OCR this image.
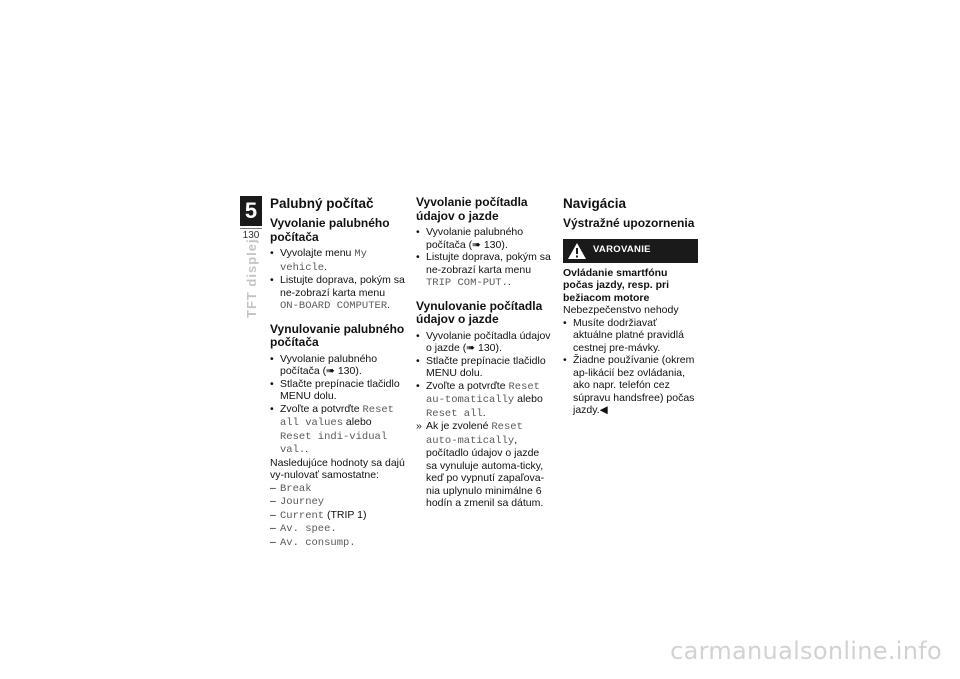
5
130
TFT displej
Palubný počítač
Vyvolanie palubného počítača
• Vyvolajte menu My vehicle.
• Listujte doprava, pokým sa ne-zobrazí karta menu ON-BOARD COMPUTER.
Vynulovanie palubného počítača
• Vyvolanie palubného počítača (➠ 130).
• Stlačte prepínacie tlačidlo MENU dolu.
• Zvoľte a potvrďte Reset all values alebo Reset indi-vidual val..

Nasledujúce hodnoty sa dajú vy-nulovať samostatne:

– Break
– Journey
– Current (TRIP 1)
– Av. spee.
– Av. consump.
Vyvolanie počítadla údajov o jazde
• Vyvolanie palubného počítača (➠ 130).
• Listujte doprava, pokým sa ne-zobrazí karta menu TRIP COM-PUT..
Vynulovanie počítadla údajov o jazde
• Vyvolanie počítadla údajov o jazde (➠ 130).
• Stlačte prepínacie tlačidlo MENU dolu.
• Zvoľte a potvrďte Reset au-tomatically alebo Reset all.
» Ak je zvolené Reset auto-matically, počítadlo údajov o jazde sa vynuluje automa-ticky, keď po vypnutí zapaľova-nia uplynulo minimálne 6 hodín a zmenil sa dátum.
Navigácia
Výstražné upozornenia
VAROVANIE

Ovládanie smartfónu počas jazdy, resp. pri bežiacom motore

Nebezpečenstvo nehody

• Musíte dodržiavať aktuálne platné pravidlá cestnej pre-mávky.
• Žiadne používanie (okrem ap-likácií bez ovládania, ako napr. telefón cez súpravu handsfree) počas jazdy.◀
carmanualsonline.info
